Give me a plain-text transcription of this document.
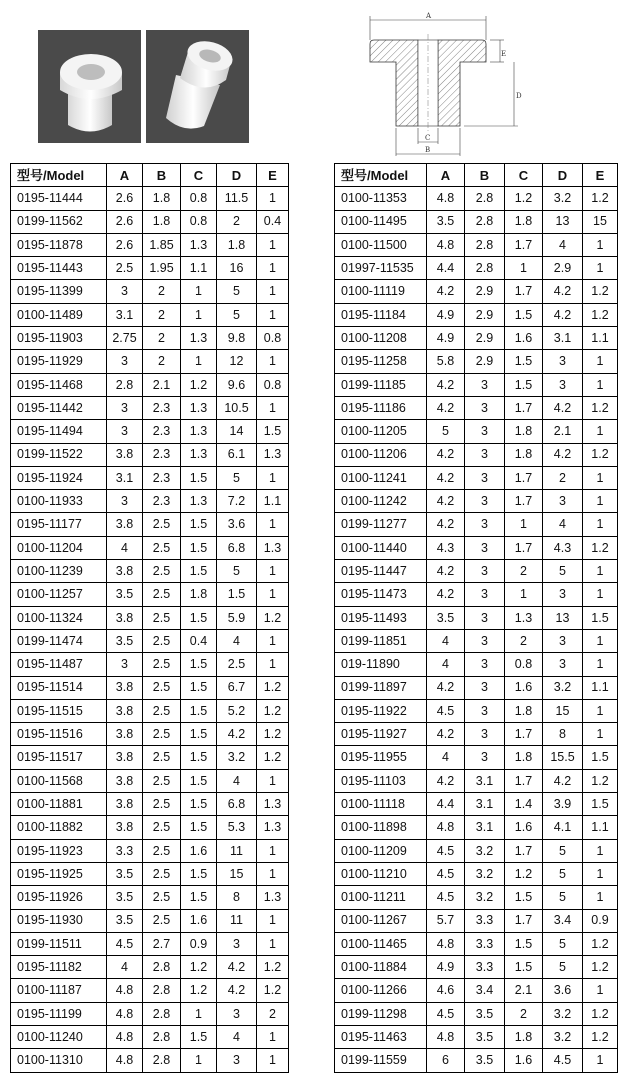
A
E
D
C
B
型号/Model	A	B	C	D	E
0195-11444	2.6	1.8	0.8	11.5	1
0199-11562	2.6	1.8	0.8	2	0.4
0195-11878	2.6	1.85	1.3	1.8	1
0195-11443	2.5	1.95	1.1	16	1
0195-11399	3	2	1	5	1
0100-11489	3.1	2	1	5	1
0195-11903	2.75	2	1.3	9.8	0.8
0195-11929	3	2	1	12	1
0195-11468	2.8	2.1	1.2	9.6	0.8
0195-11442	3	2.3	1.3	10.5	1
0195-11494	3	2.3	1.3	14	1.5
0199-11522	3.8	2.3	1.3	6.1	1.3
0195-11924	3.1	2.3	1.5	5	1
0100-11933	3	2.3	1.3	7.2	1.1
0195-11177	3.8	2.5	1.5	3.6	1
0100-11204	4	2.5	1.5	6.8	1.3
0100-11239	3.8	2.5	1.5	5	1
0100-11257	3.5	2.5	1.8	1.5	1
0100-11324	3.8	2.5	1.5	5.9	1.2
0199-11474	3.5	2.5	0.4	4	1
0195-11487	3	2.5	1.5	2.5	1
0195-11514	3.8	2.5	1.5	6.7	1.2
0195-11515	3.8	2.5	1.5	5.2	1.2
0195-11516	3.8	2.5	1.5	4.2	1.2
0195-11517	3.8	2.5	1.5	3.2	1.2
0100-11568	3.8	2.5	1.5	4	1
0100-11881	3.8	2.5	1.5	6.8	1.3
0100-11882	3.8	2.5	1.5	5.3	1.3
0195-11923	3.3	2.5	1.6	11	1
0195-11925	3.5	2.5	1.5	15	1
0195-11926	3.5	2.5	1.5	8	1.3
0195-11930	3.5	2.5	1.6	11	1
0199-11511	4.5	2.7	0.9	3	1
0195-11182	4	2.8	1.2	4.2	1.2
0100-11187	4.8	2.8	1.2	4.2	1.2
0195-11199	4.8	2.8	1	3	2
0100-11240	4.8	2.8	1.5	4	1
0100-11310	4.8	2.8	1	3	1
型号/Model	A	B	C	D	E
0100-11353	4.8	2.8	1.2	3.2	1.2
0100-11495	3.5	2.8	1.8	13	15
0100-11500	4.8	2.8	1.7	4	1
01997-11535	4.4	2.8	1	2.9	1
0100-11119	4.2	2.9	1.7	4.2	1.2
0195-11184	4.9	2.9	1.5	4.2	1.2
0100-11208	4.9	2.9	1.6	3.1	1.1
0195-11258	5.8	2.9	1.5	3	1
0199-11185	4.2	3	1.5	3	1
0195-11186	4.2	3	1.7	4.2	1.2
0100-11205	5	3	1.8	2.1	1
0100-11206	4.2	3	1.8	4.2	1.2
0100-11241	4.2	3	1.7	2	1
0100-11242	4.2	3	1.7	3	1
0199-11277	4.2	3	1	4	1
0100-11440	4.3	3	1.7	4.3	1.2
0195-11447	4.2	3	2	5	1
0195-11473	4.2	3	1	3	1
0195-11493	3.5	3	1.3	13	1.5
0199-11851	4	3	2	3	1
019-11890	4	3	0.8	3	1
0199-11897	4.2	3	1.6	3.2	1.1
0195-11922	4.5	3	1.8	15	1
0195-11927	4.2	3	1.7	8	1
0195-11955	4	3	1.8	15.5	1.5
0195-11103	4.2	3.1	1.7	4.2	1.2
0100-11118	4.4	3.1	1.4	3.9	1.5
0100-11898	4.8	3.1	1.6	4.1	1.1
0100-11209	4.5	3.2	1.7	5	1
0100-11210	4.5	3.2	1.2	5	1
0100-11211	4.5	3.2	1.5	5	1
0100-11267	5.7	3.3	1.7	3.4	0.9
0100-11465	4.8	3.3	1.5	5	1.2
0100-11884	4.9	3.3	1.5	5	1.2
0100-11266	4.6	3.4	2.1	3.6	1
0199-11298	4.5	3.5	2	3.2	1.2
0195-11463	4.8	3.5	1.8	3.2	1.2
0199-11559	6	3.5	1.6	4.5	1
